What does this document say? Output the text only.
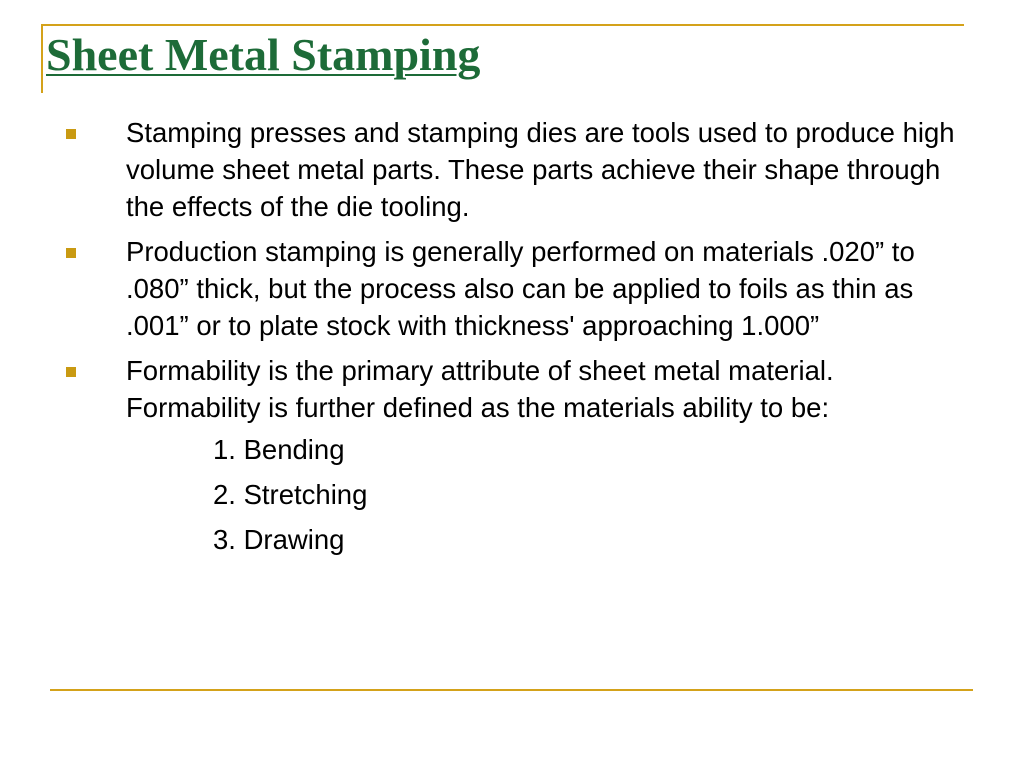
Sheet Metal Stamping
Stamping presses and stamping dies are tools used to produce high volume sheet metal parts. These parts achieve their shape through the effects of the die tooling.
Production stamping is generally performed on materials .020” to .080” thick, but the process also can be applied to foils as thin as .001” or to plate stock with thickness' approaching 1.000”
Formability is the primary attribute of sheet metal material. Formability is further defined as the materials ability to be:
1. Bending
2. Stretching
3. Drawing
